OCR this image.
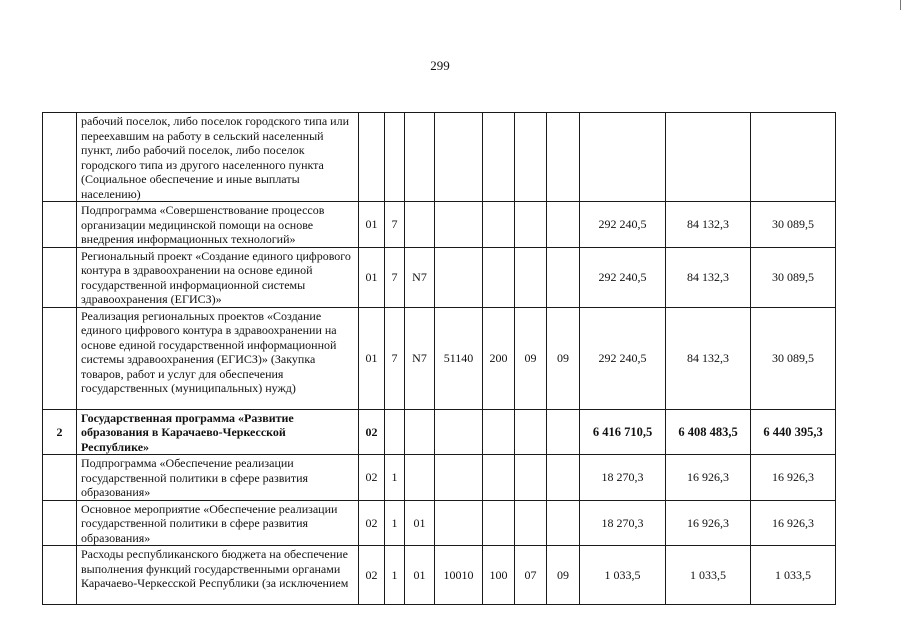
299
	рабочий поселок, либо поселок городского типа или переехавшим на работу в сельский населенный пункт, либо рабочий поселок, либо поселок городского типа из другого населенного пункта (Социальное обеспечение и иные выплаты населению)										
	Подпрограмма «Совершенствование процессов организации медицинской помощи на основе внедрения информационных технологий»	01	7						292 240,5	84 132,3	30 089,5
	Региональный проект «Создание единого цифрового контура в здравоохранении на основе единой государственной информационной системы здравоохранения (ЕГИСЗ)»	01	7	N7					292 240,5	84 132,3	30 089,5
	Реализация региональных проектов «Создание единого цифрового контура в здравоохранении на основе единой государственной информационной системы здравоохранения (ЕГИСЗ)» (Закупка товаров, работ и услуг для обеспечения государственных (муниципальных) нужд)	01	7	N7	51140	200	09	09	292 240,5	84 132,3	30 089,5
2	Государственная программа «Развитие образования в Карачаево-Черкесской Республике»	02							6 416 710,5	6 408 483,5	6 440 395,3
	Подпрограмма «Обеспечение реализации государственной политики в сфере развития образования»	02	1						18 270,3	16 926,3	16 926,3
	Основное мероприятие «Обеспечение реализации государственной политики в сфере развития образования»	02	1	01					18 270,3	16 926,3	16 926,3
	Расходы республиканского бюджета на обеспечение выполнения функций государственными органами Карачаево-Черкесской Республики (за исключением	02	1	01	10010	100	07	09	1 033,5	1 033,5	1 033,5
